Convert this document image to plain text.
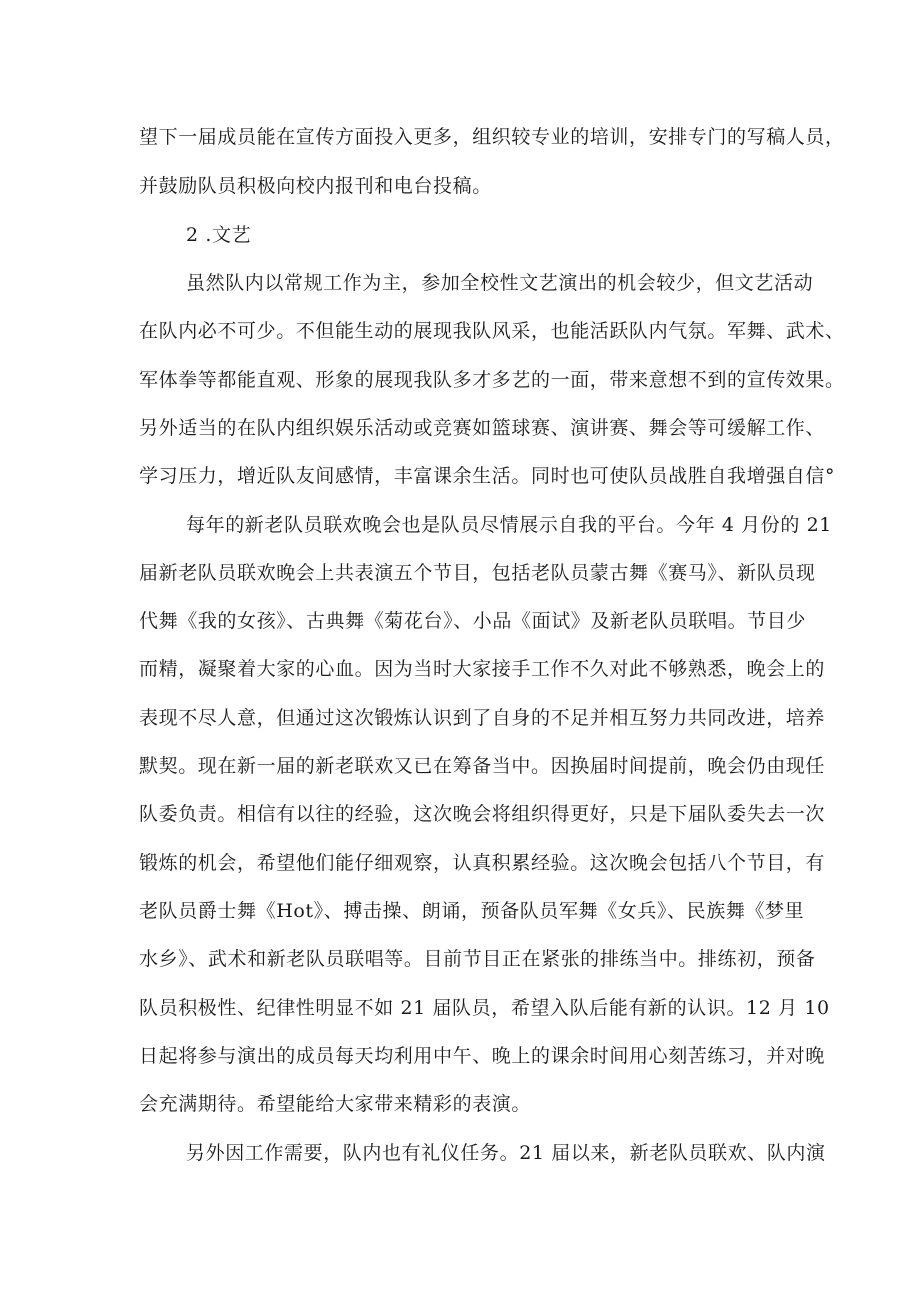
望下一届成员能在宣传方面投入更多，组织较专业的培训，安排专门的写稿人员，
并鼓励队员积极向校内报刊和电台投稿。
2 .文艺
虽然队内以常规工作为主，参加全校性文艺演出的机会较少，但文艺活动
在队内必不可少。不但能生动的展现我队风采，也能活跃队内气氛。军舞、武术、
军体拳等都能直观、形象的展现我队多才多艺的一面，带来意想不到的宣传效果。
另外适当的在队内组织娱乐活动或竞赛如篮球赛、演讲赛、舞会等可缓解工作、
学习压力，增近队友间感情，丰富课余生活。同时也可使队员战胜自我增强自信°
每年的新老队员联欢晚会也是队员尽情展示自我的平台。今年 4 月份的 21
届新老队员联欢晚会上共表演五个节目，包括老队员蒙古舞《赛马》、新队员现
代舞《我的女孩》、古典舞《菊花台》、小品《面试》及新老队员联唱。节目少
而精，凝聚着大家的心血。因为当时大家接手工作不久对此不够熟悉，晚会上的
表现不尽人意，但通过这次锻炼认识到了自身的不足并相互努力共同改进，培养
默契。现在新一届的新老联欢又已在筹备当中。因换届时间提前，晚会仍由现任
队委负责。相信有以往的经验，这次晚会将组织得更好，只是下届队委失去一次
锻炼的机会，希望他们能仔细观察，认真积累经验。这次晚会包括八个节目，有
老队员爵士舞《Hot》、搏击操、朗诵，预备队员军舞《女兵》、民族舞《梦里
水乡》、武术和新老队员联唱等。目前节目正在紧张的排练当中。排练初，预备
队员积极性、纪律性明显不如 21 届队员，希望入队后能有新的认识。12 月 10
日起将参与演出的成员每天均利用中午、晚上的课余时间用心刻苦练习，并对晚
会充满期待。希望能给大家带来精彩的表演。
另外因工作需要，队内也有礼仪任务。21 届以来，新老队员联欢、队内演
